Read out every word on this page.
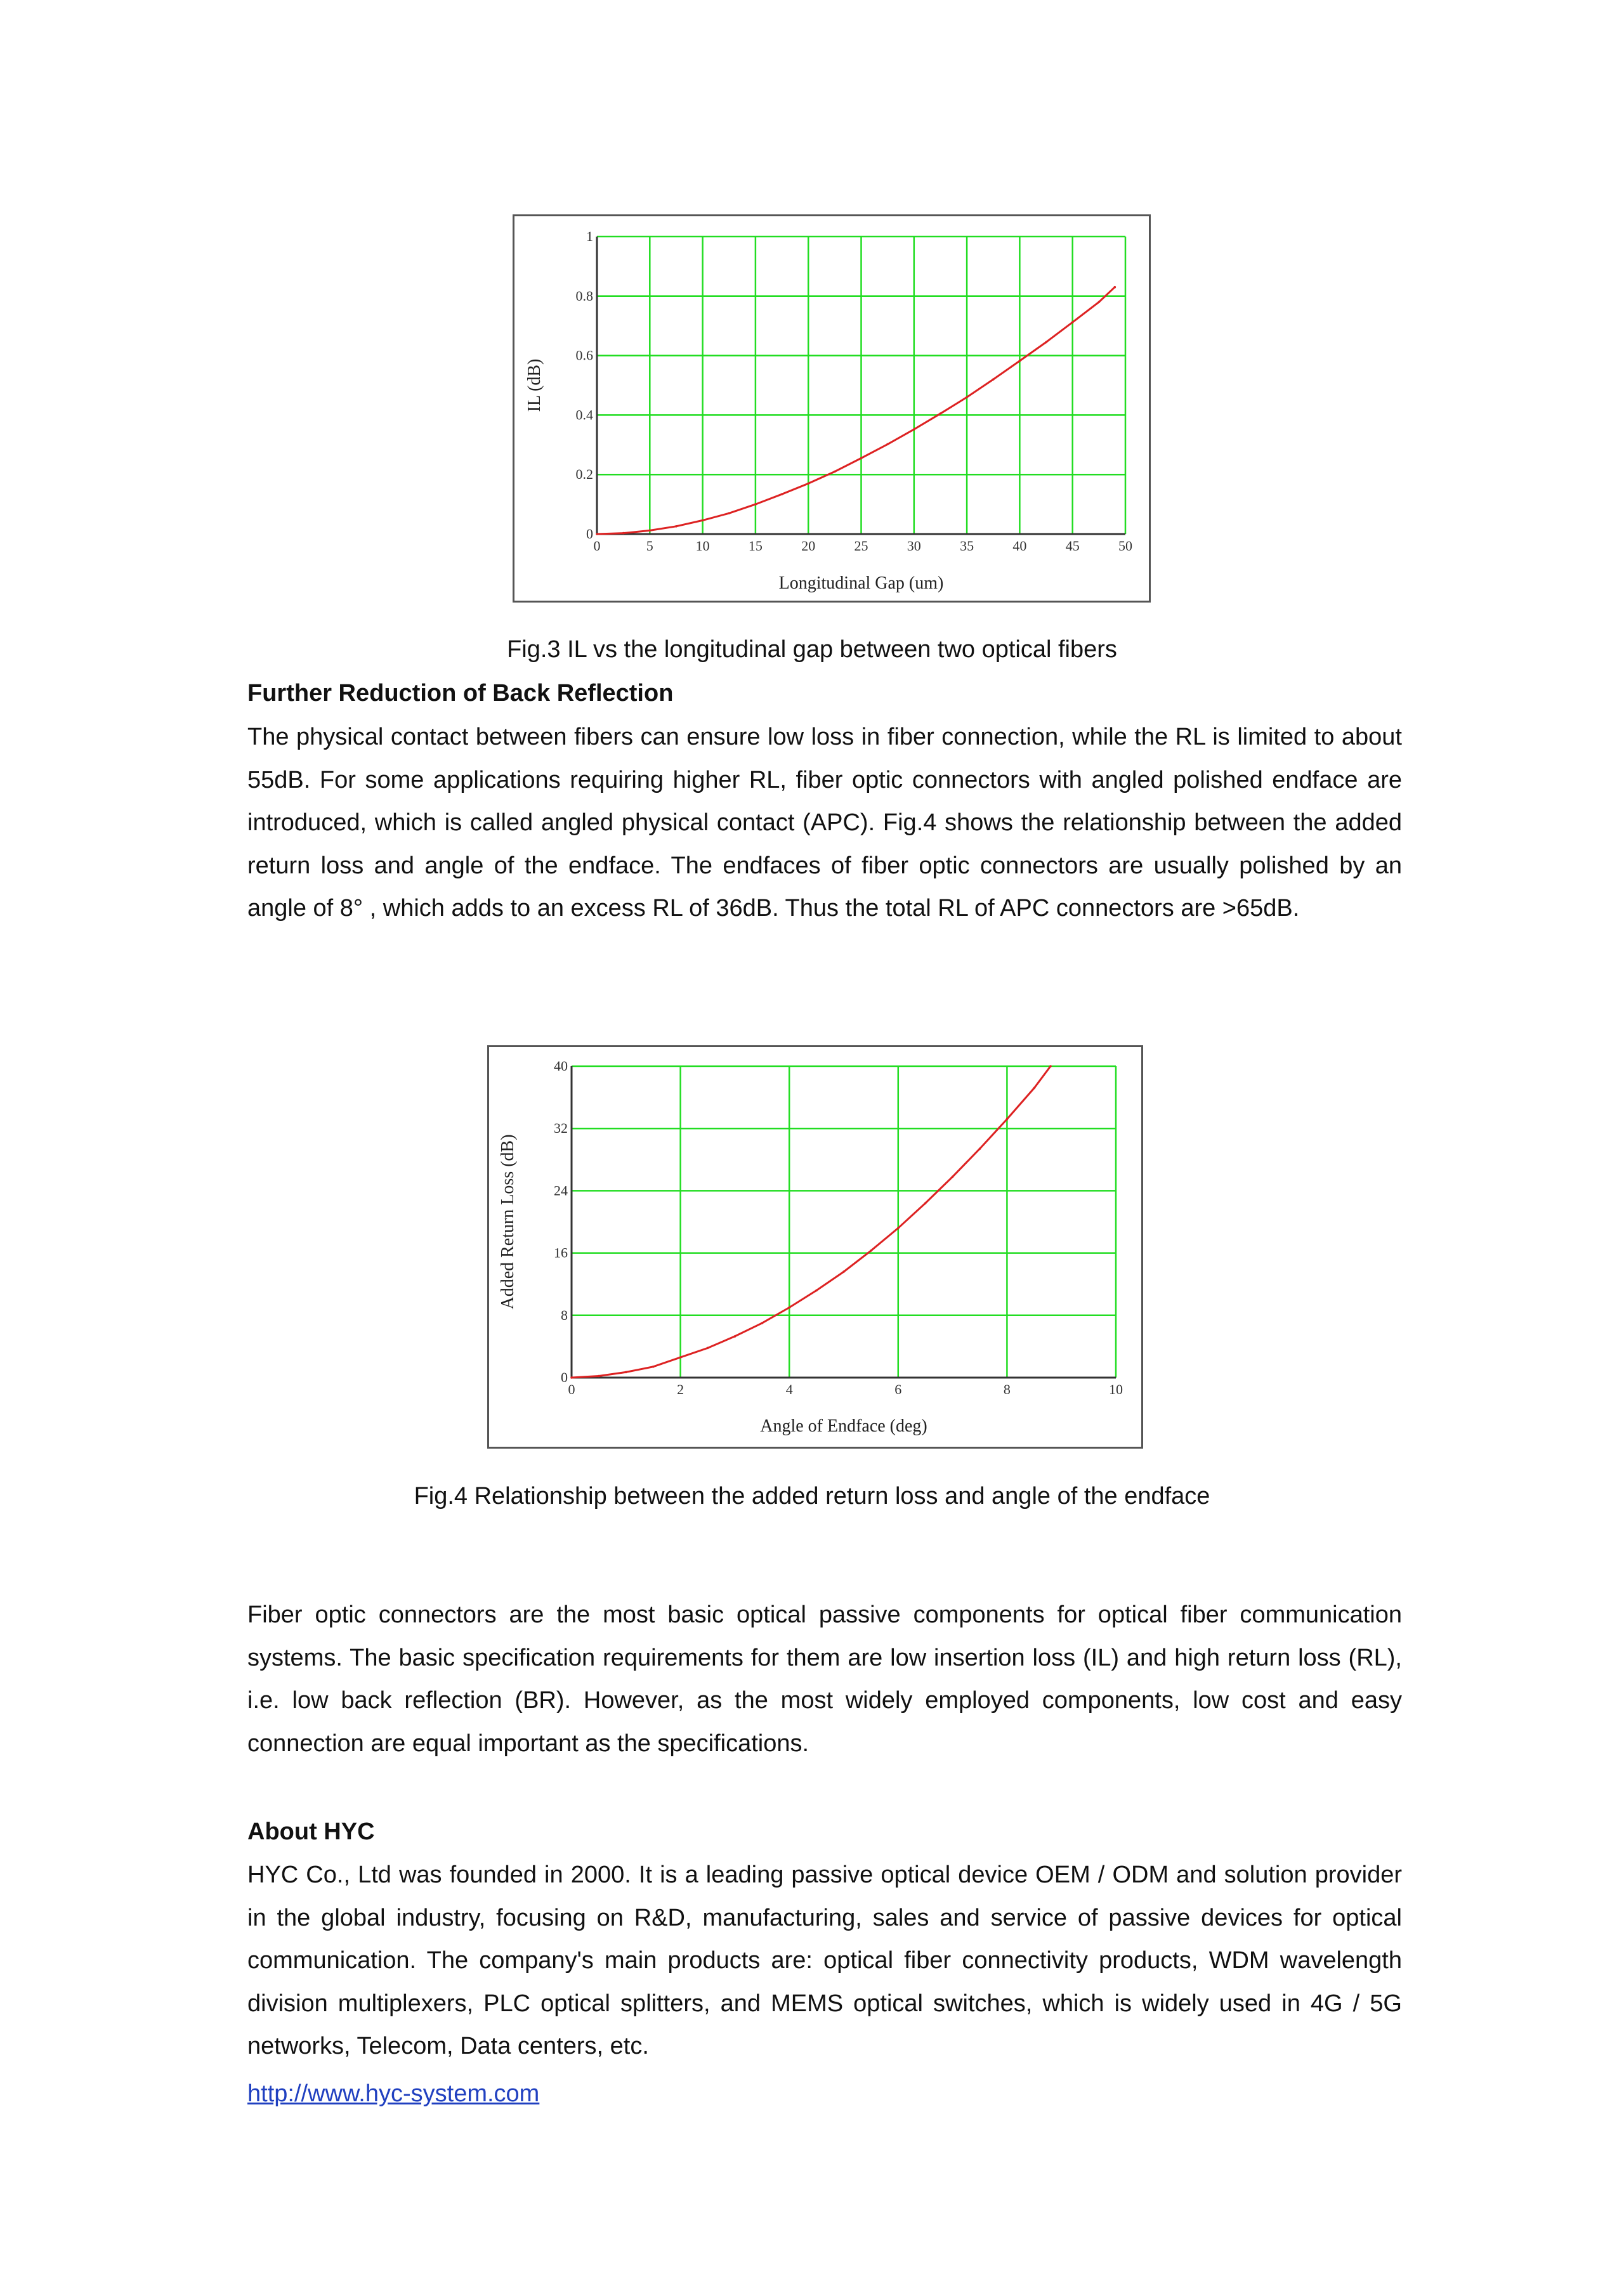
0	5	10	15	20	25	30	35	40	45	50
0
0.2
0.4
0.6
0.8
1
Longitudinal Gap (um)
IL (dB)
Fig.3 IL vs the longitudinal gap between two optical fibers
Further Reduction of Back Reflection

The physical contact between fibers can ensure low loss in fiber connection, while the RL is limited to about 55dB. For some applications requiring higher RL, fiber optic connectors with angled polished endface are introduced, which is called angled physical contact (APC). Fig.4 shows the relationship between the added return loss and angle of the endface. The endfaces of fiber optic connectors are usually polished by an angle of 8° , which adds to an excess RL of 36dB. Thus the total RL of APC connectors are >65dB.

0	2	4	6	8	10
0
8
16
24
32
40
Angle of Endface (deg)
Added Return Loss (dB)
Fig.4 Relationship between the added return loss and angle of the endface

Fiber optic connectors are the most basic optical passive components for optical fiber communication systems. The basic specification requirements for them are low insertion loss (IL) and high return loss (RL), i.e. low back reflection (BR). However, as the most widely employed components, low cost and easy connection are equal important as the specifications.

About HYC

HYC Co., Ltd was founded in 2000. It is a leading passive optical device OEM / ODM and solution provider in the global industry, focusing on R&D, manufacturing, sales and service of passive devices for optical communication. The company's main products are: optical fiber connectivity products, WDM wavelength division multiplexers, PLC optical splitters, and MEMS optical switches, which is widely used in 4G / 5G networks, Telecom, Data centers, etc.

http://www.hyc-system.com
